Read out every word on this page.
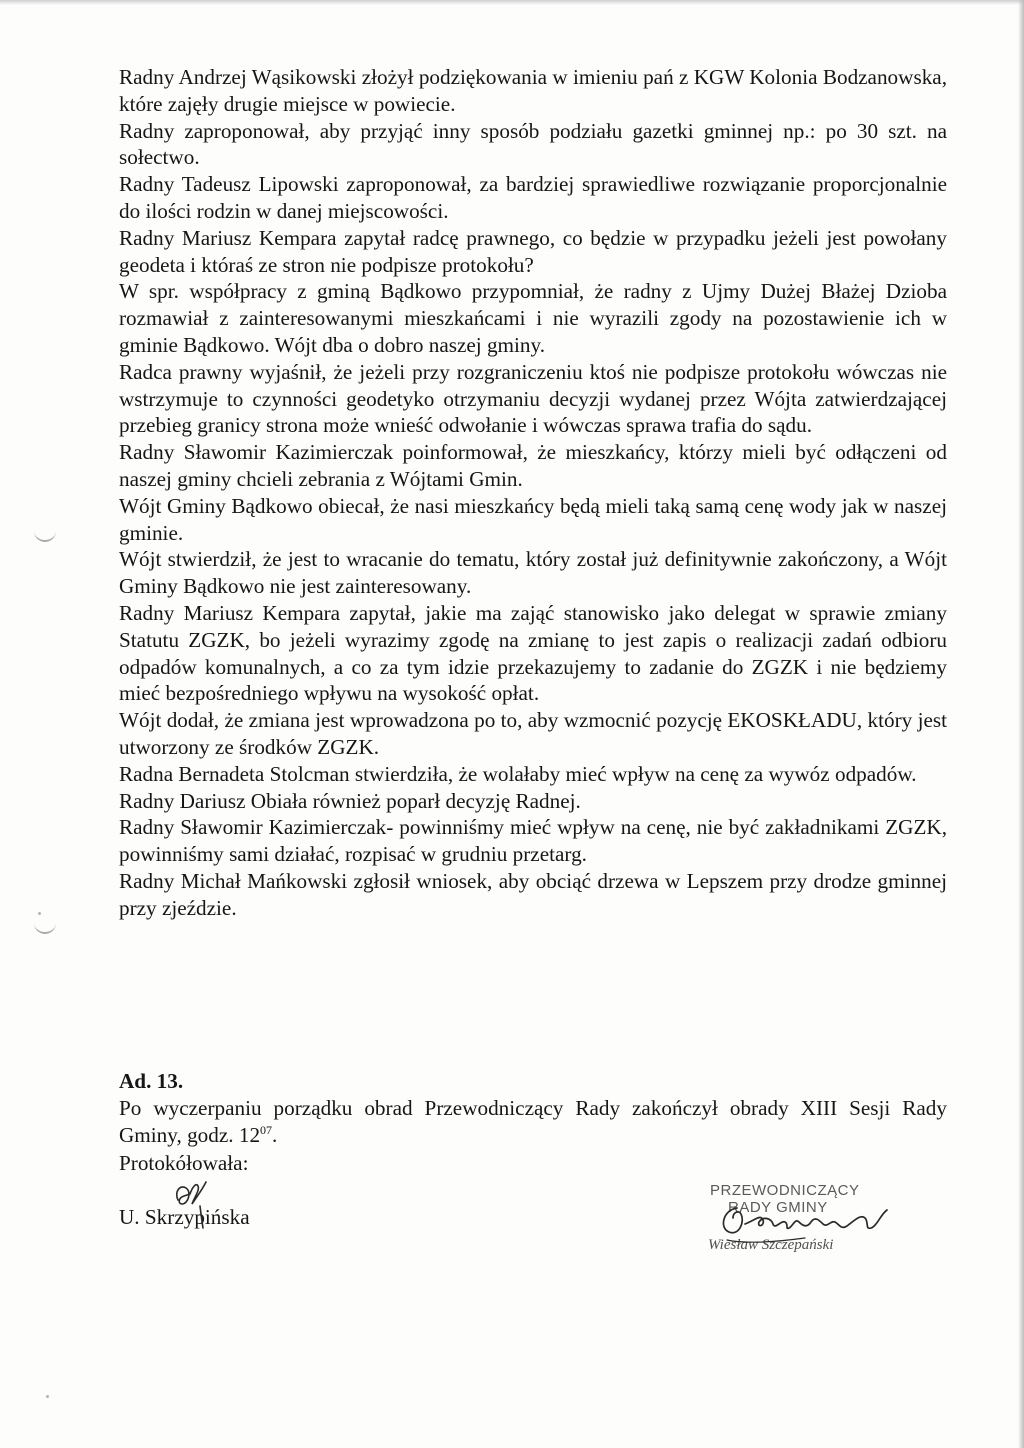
Radny Andrzej Wąsikowski złożył podziękowania w imieniu pań z KGW Kolonia Bodzanowska, które zajęły drugie miejsce w powiecie.

Radny zaproponował, aby przyjąć inny sposób podziału gazetki gminnej np.: po 30 szt. na sołectwo.

Radny Tadeusz Lipowski zaproponował, za bardziej sprawiedliwe rozwiązanie proporcjonalnie do ilości rodzin w danej miejscowości.

Radny Mariusz Kempara zapytał radcę prawnego, co będzie w przypadku jeżeli jest powołany geodeta i któraś ze stron nie podpisze protokołu?

W spr. współpracy z gminą Bądkowo przypomniał, że radny z Ujmy Dużej Błażej Dzioba rozmawiał z zainteresowanymi mieszkańcami i nie wyrazili zgody na pozostawienie ich w gminie Bądkowo. Wójt dba o dobro naszej gminy.

Radca prawny wyjaśnił, że jeżeli przy rozgraniczeniu ktoś nie podpisze protokołu wówczas nie wstrzymuje to czynności geodetyko otrzymaniu decyzji wydanej przez Wójta zatwierdzającej przebieg granicy strona może wnieść odwołanie i wówczas sprawa trafia do sądu.

Radny Sławomir Kazimierczak poinformował, że mieszkańcy, którzy mieli być odłączeni od naszej gminy chcieli zebrania z Wójtami Gmin.

Wójt Gminy Bądkowo obiecał, że nasi mieszkańcy będą mieli taką samą cenę wody jak w naszej gminie.

Wójt stwierdził, że jest to wracanie do tematu, który został już definitywnie zakończony, a Wójt Gminy Bądkowo nie jest zainteresowany.

Radny Mariusz Kempara zapytał, jakie ma zająć stanowisko jako delegat w sprawie zmiany Statutu ZGZK, bo jeżeli wyrazimy zgodę na zmianę to jest zapis o realizacji zadań odbioru odpadów komunalnych, a co za tym idzie przekazujemy to zadanie do ZGZK i nie będziemy mieć bezpośredniego wpływu na wysokość opłat.

Wójt dodał, że zmiana jest wprowadzona po to, aby wzmocnić pozycję EKOSKŁADU, który jest utworzony ze środków ZGZK.

Radna Bernadeta Stolcman stwierdziła, że wolałaby mieć wpływ na cenę za wywóz odpadów.

Radny Dariusz Obiała również poparł decyzję Radnej.

Radny Sławomir Kazimierczak- powinniśmy mieć wpływ na cenę, nie być zakładnikami ZGZK, powinniśmy sami działać, rozpisać w grudniu przetarg.

Radny Michał Mańkowski zgłosił wniosek, aby obciąć drzewa w Lepszem przy drodze gminnej przy zjeździe.

Ad. 13.

Po wyczerpaniu porządku obrad Przewodniczący Rady zakończył obrady XIII Sesji Rady Gminy, godz. $12^{07}$.

Protokółowała:
U. Skrzypińska
PRZEWODNICZĄCY
RADY GMINY
Wiesław Szczepański
